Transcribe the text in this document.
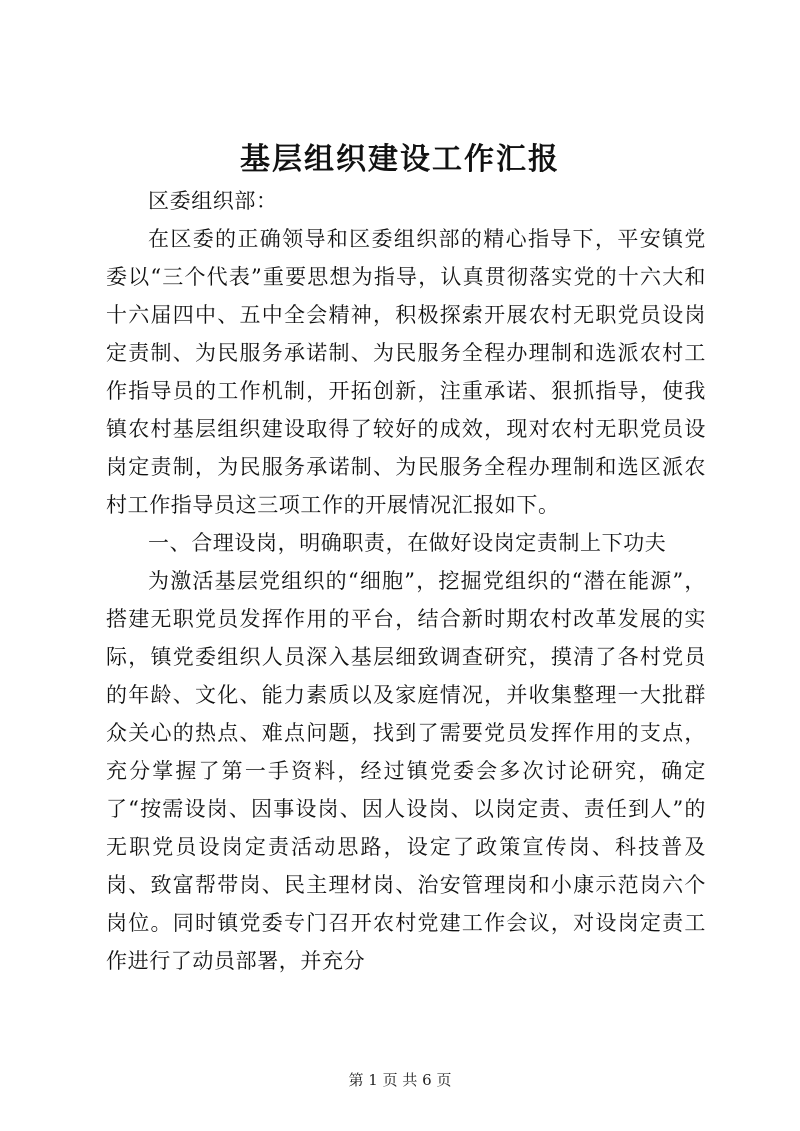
基层组织建设工作汇报

区委组织部：

在区委的正确领导和区委组织部的精心指导下，平安镇党委以“三个代表”重要思想为指导，认真贯彻落实党的十六大和十六届四中、五中全会精神，积极探索开展农村无职党员设岗定责制、为民服务承诺制、为民服务全程办理制和选派农村工作指导员的工作机制，开拓创新，注重承诺、狠抓指导，使我镇农村基层组织建设取得了较好的成效，现对农村无职党员设岗定责制，为民服务承诺制、为民服务全程办理制和选区派农村工作指导员这三项工作的开展情况汇报如下。

一、合理设岗，明确职责，在做好设岗定责制上下功夫

为激活基层党组织的“细胞”，挖掘党组织的“潜在能源”，搭建无职党员发挥作用的平台，结合新时期农村改革发展的实际，镇党委组织人员深入基层细致调查研究，摸清了各村党员的年龄、文化、能力素质以及家庭情况，并收集整理一大批群众关心的热点、难点问题，找到了需要党员发挥作用的支点，充分掌握了第一手资料，经过镇党委会多次讨论研究，确定了“按需设岗、因事设岗、因人设岗、以岗定责、责任到人”的无职党员设岗定责活动思路，设定了政策宣传岗、科技普及岗、致富帮带岗、民主理材岗、治安管理岗和小康示范岗六个岗位。同时镇党委专门召开农村党建工作会议，对设岗定责工作进行了动员部署，并充分

第 1 页 共 6 页
